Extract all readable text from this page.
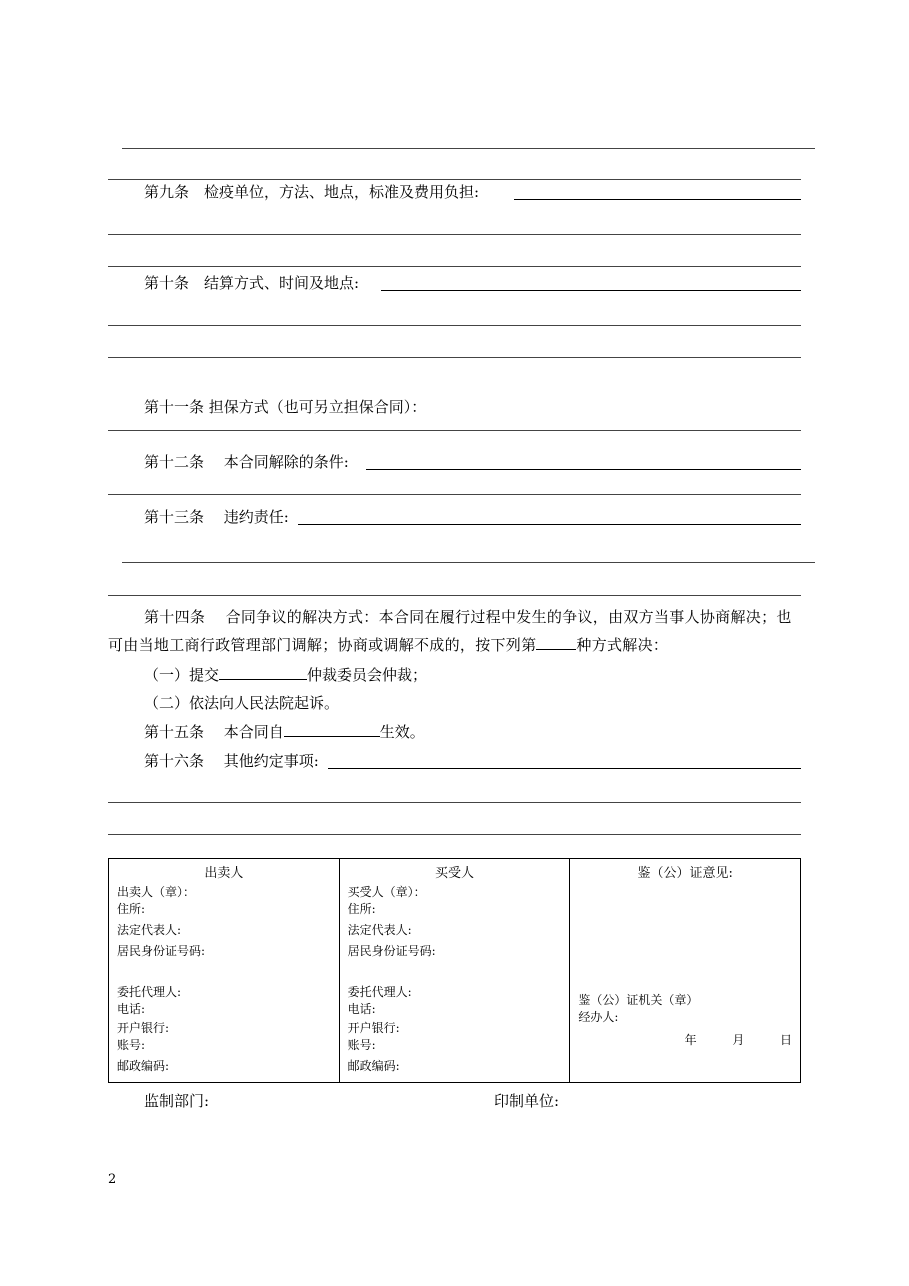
第九条　检疫单位，方法、地点，标准及费用负担:
第十条　结算方式、时间及地点:
第十一条 担保方式（也可另立担保合同）：
第十二条　 本合同解除的条件:
第十三条　 违约责任:
第十四条　 合同争议的解决方式：本合同在履行过程中发生的争议，由双方当事人协商解决；也可由当地工商行政管理部门调解；协商或调解不成的，按下列第	种方式解决：
（一）提交	仲裁委员会仲裁；
（二）依法向人民法院起诉。
第十五条　 本合同自	生效。
第十六条　 其他约定事项:
出卖人
出卖人（章）：
住所:
法定代表人:
居民身份证号码:
委托代理人:
电话:
开户银行:
账号:
邮政编码:

买受人
买受人（章）：
住所:
法定代表人:
居民身份证号码:
委托代理人:
电话:
开户银行:
账号:
邮政编码:

鉴（公）证意见:
鉴（公）证机关（章）
经办人:
年	月	日
监制部门:	印制单位:
2
